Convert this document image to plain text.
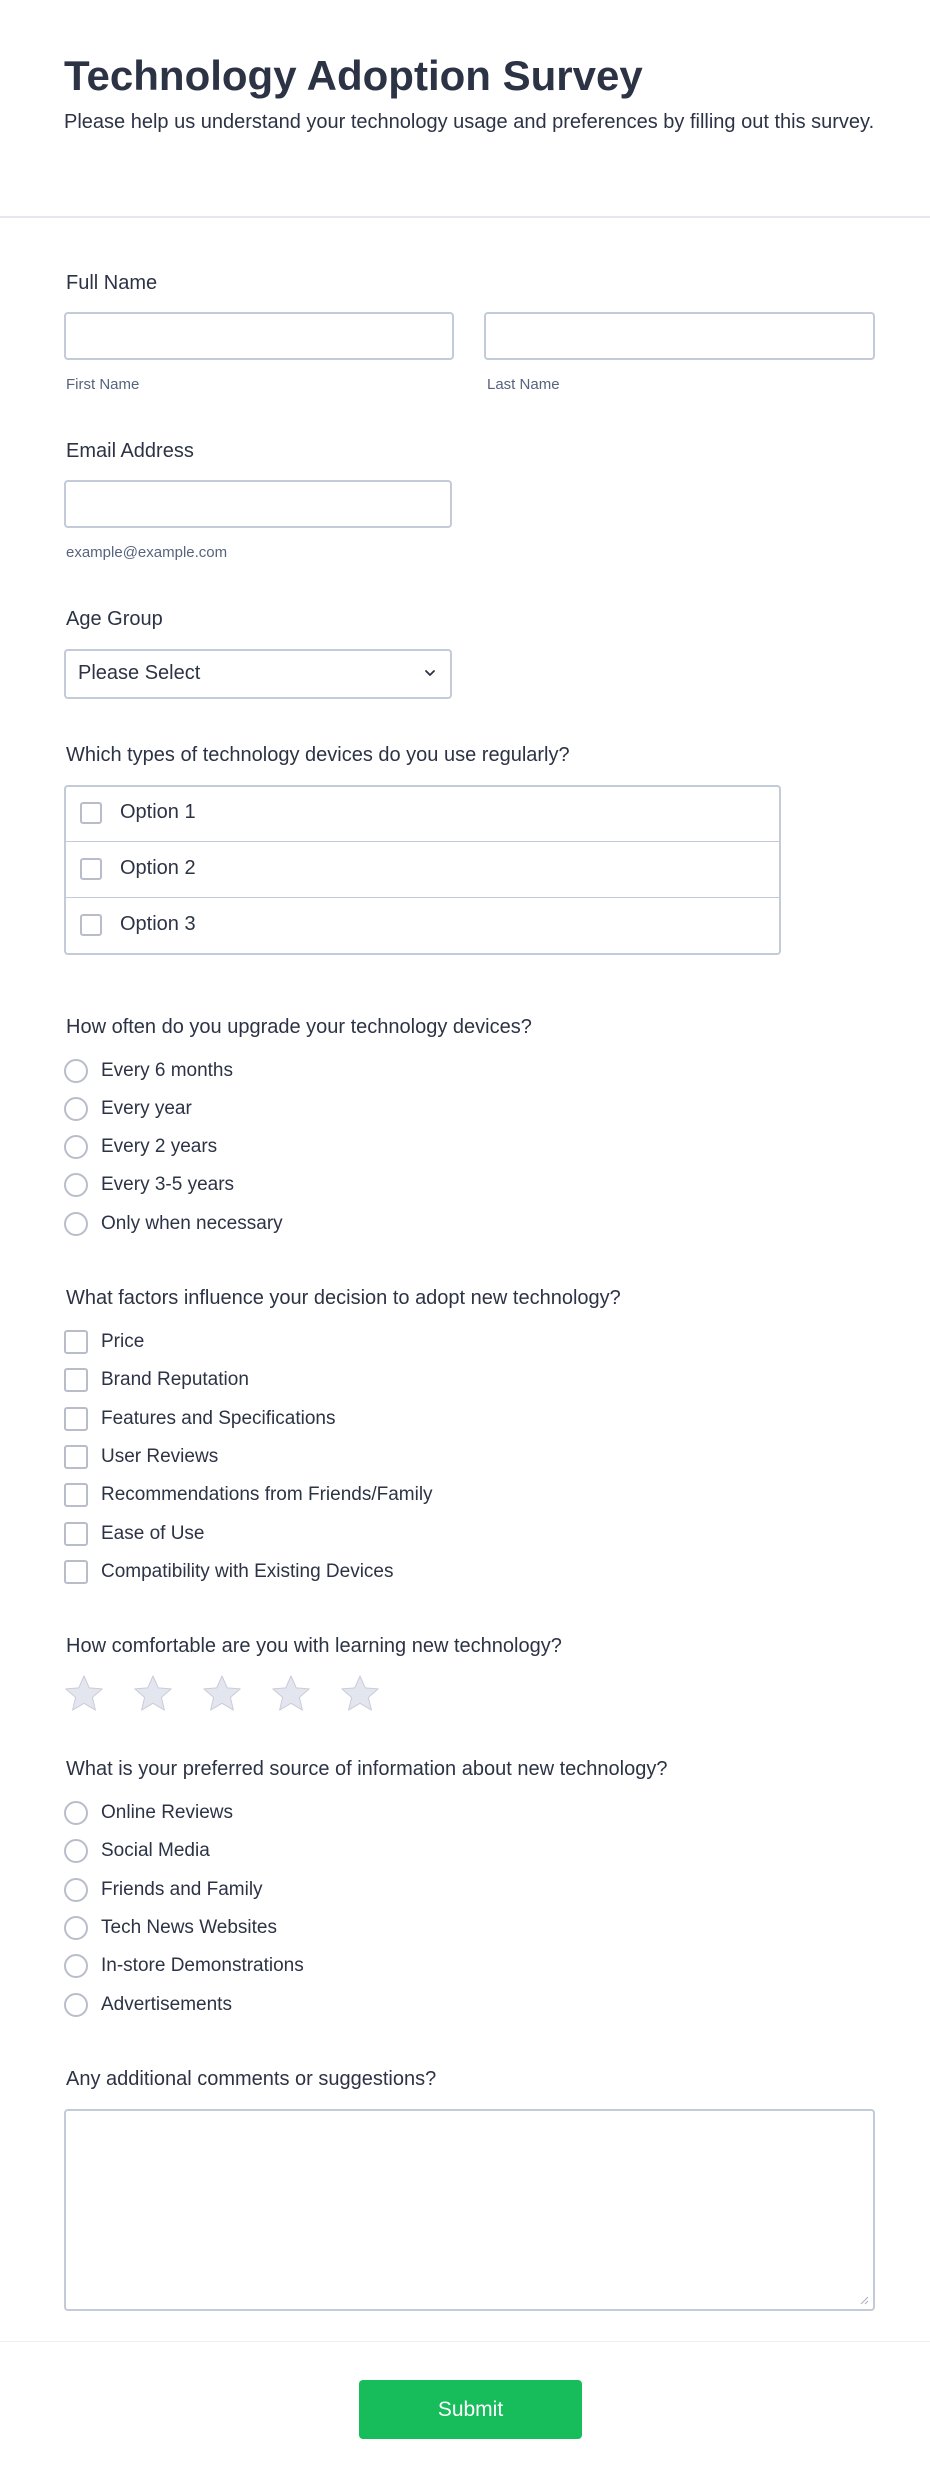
Technology Adoption Survey
Please help us understand your technology usage and preferences by filling out this survey.
Full Name
First Name	Last Name
Email Address
example@example.com
Age Group
Please Select
Which types of technology devices do you use regularly?
Option 1
Option 2
Option 3
How often do you upgrade your technology devices?
Every 6 months
Every year
Every 2 years
Every 3-5 years
Only when necessary
What factors influence your decision to adopt new technology?
Price
Brand Reputation
Features and Specifications
User Reviews
Recommendations from Friends/Family
Ease of Use
Compatibility with Existing Devices
How comfortable are you with learning new technology?
What is your preferred source of information about new technology?
Online Reviews
Social Media
Friends and Family
Tech News Websites
In-store Demonstrations
Advertisements
Any additional comments or suggestions?
Submit
